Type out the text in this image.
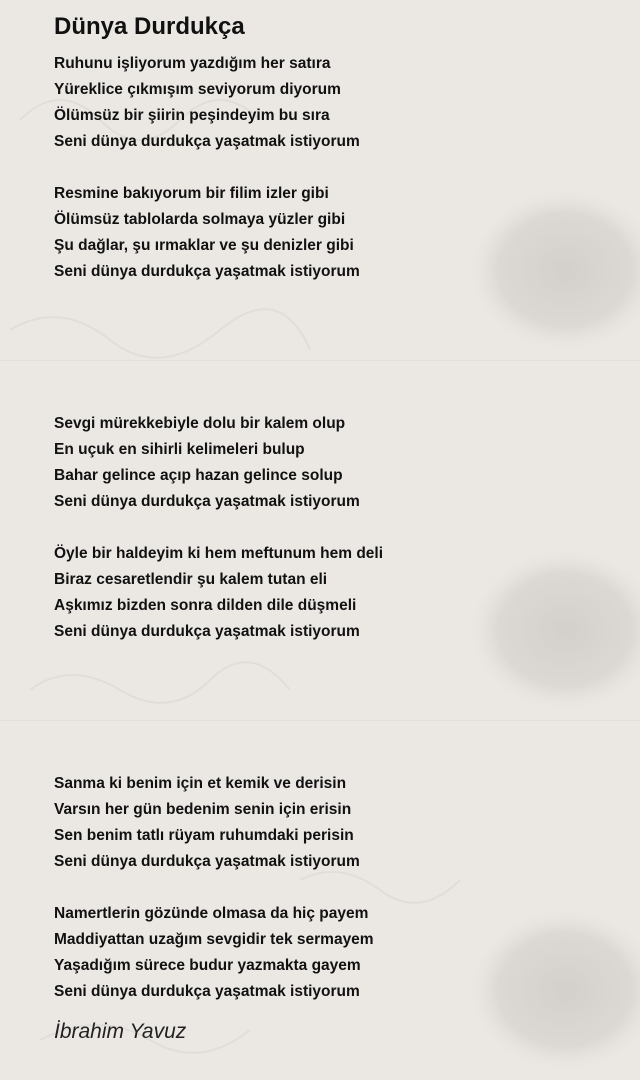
Dünya Durdukça
Ruhunu işliyorum yazdığım her satıra
Yüreklice çıkmışım seviyorum diyorum
Ölümsüz bir şiirin peşindeyim bu sıra
Seni dünya durdukça yaşatmak istiyorum
Resmine bakıyorum bir filim izler gibi
Ölümsüz tablolarda solmaya yüzler gibi
Şu dağlar, şu ırmaklar ve şu denizler gibi
Seni dünya durdukça yaşatmak istiyorum
Sevgi mürekkebiyle dolu bir kalem olup
En uçuk en sihirli kelimeleri bulup
Bahar gelince açıp hazan gelince solup
Seni dünya durdukça yaşatmak istiyorum
Öyle bir haldeyim ki hem meftunum hem deli
Biraz cesaretlendir şu kalem tutan eli
Aşkımız bizden sonra dilden dile düşmeli
Seni dünya durdukça yaşatmak istiyorum
Sanma ki benim için et kemik ve derisin
Varsın her gün bedenim senin için erisin
Sen benim tatlı rüyam ruhumdaki perisin
Seni dünya durdukça yaşatmak istiyorum
Namertlerin gözünde olmasa da hiç payem
Maddiyattan uzağım sevgidir tek sermayem
Yaşadığım sürece budur yazmakta gayem
Seni dünya durdukça yaşatmak istiyorum
İbrahim Yavuz
